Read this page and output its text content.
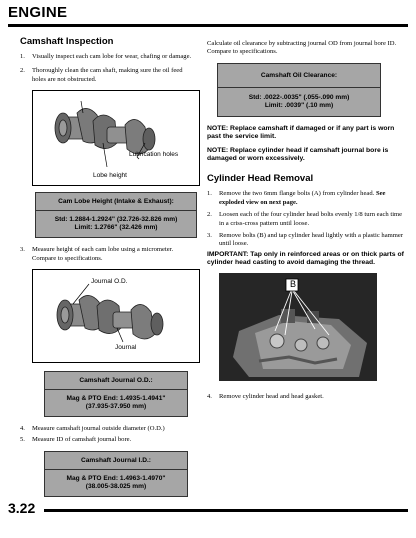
ENGINE
Camshaft Inspection
1.	Visually inspect each cam lobe for wear, chafing or damage.
2.	Thoroughly clean the cam shaft, making sure the oil feed holes are not obstructed.
Lubrication holes
Lobe height
Cam Lobe Height (Intake & Exhaust):
Std: 1.2884-1.2924" (32.726-32.826 mm)
Limit: 1.2766" (32.426 mm)
3.	Measure height of each cam lobe using a micrometer. Compare to specifications.
Journal O.D.
Journal
Camshaft Journal O.D.:
Mag & PTO End: 1.4935-1.4941"
(37.935-37.950 mm)
4.	Measure camshaft journal outside diameter (O.D.)
5.	Measure ID of camshaft journal bore.
Camshaft Journal I.D.:
Mag & PTO End: 1.4963-1.4970"
(38.005-38.025 mm)
Calculate oil clearance by subtracting journal OD from journal bore ID. Compare to specifications.
Camshaft Oil Clearance:
Std: .0022-.0035" (.055-.090 mm)
Limit: .0039" (.10 mm)
NOTE: Replace camshaft if damaged or if any part is worn past the service limit.
NOTE: Replace cylinder head if camshaft journal bore is damaged or worn excessively.
Cylinder Head Removal
1.	Remove the two 6mm flange bolts (A) from cylinder head. See exploded view on next page.
2.	Loosen each of the four cylinder head bolts evenly 1/8 turn each time in a criss-cross pattern until loose.
3.	Remove bolts (B) and tap cylinder head lightly with a plastic hammer until loose.
IMPORTANT: Tap only in reinforced areas or on thick parts of cylinder head casting to avoid damaging the thread.
B
4.	Remove cylinder head and head gasket.
3.22
